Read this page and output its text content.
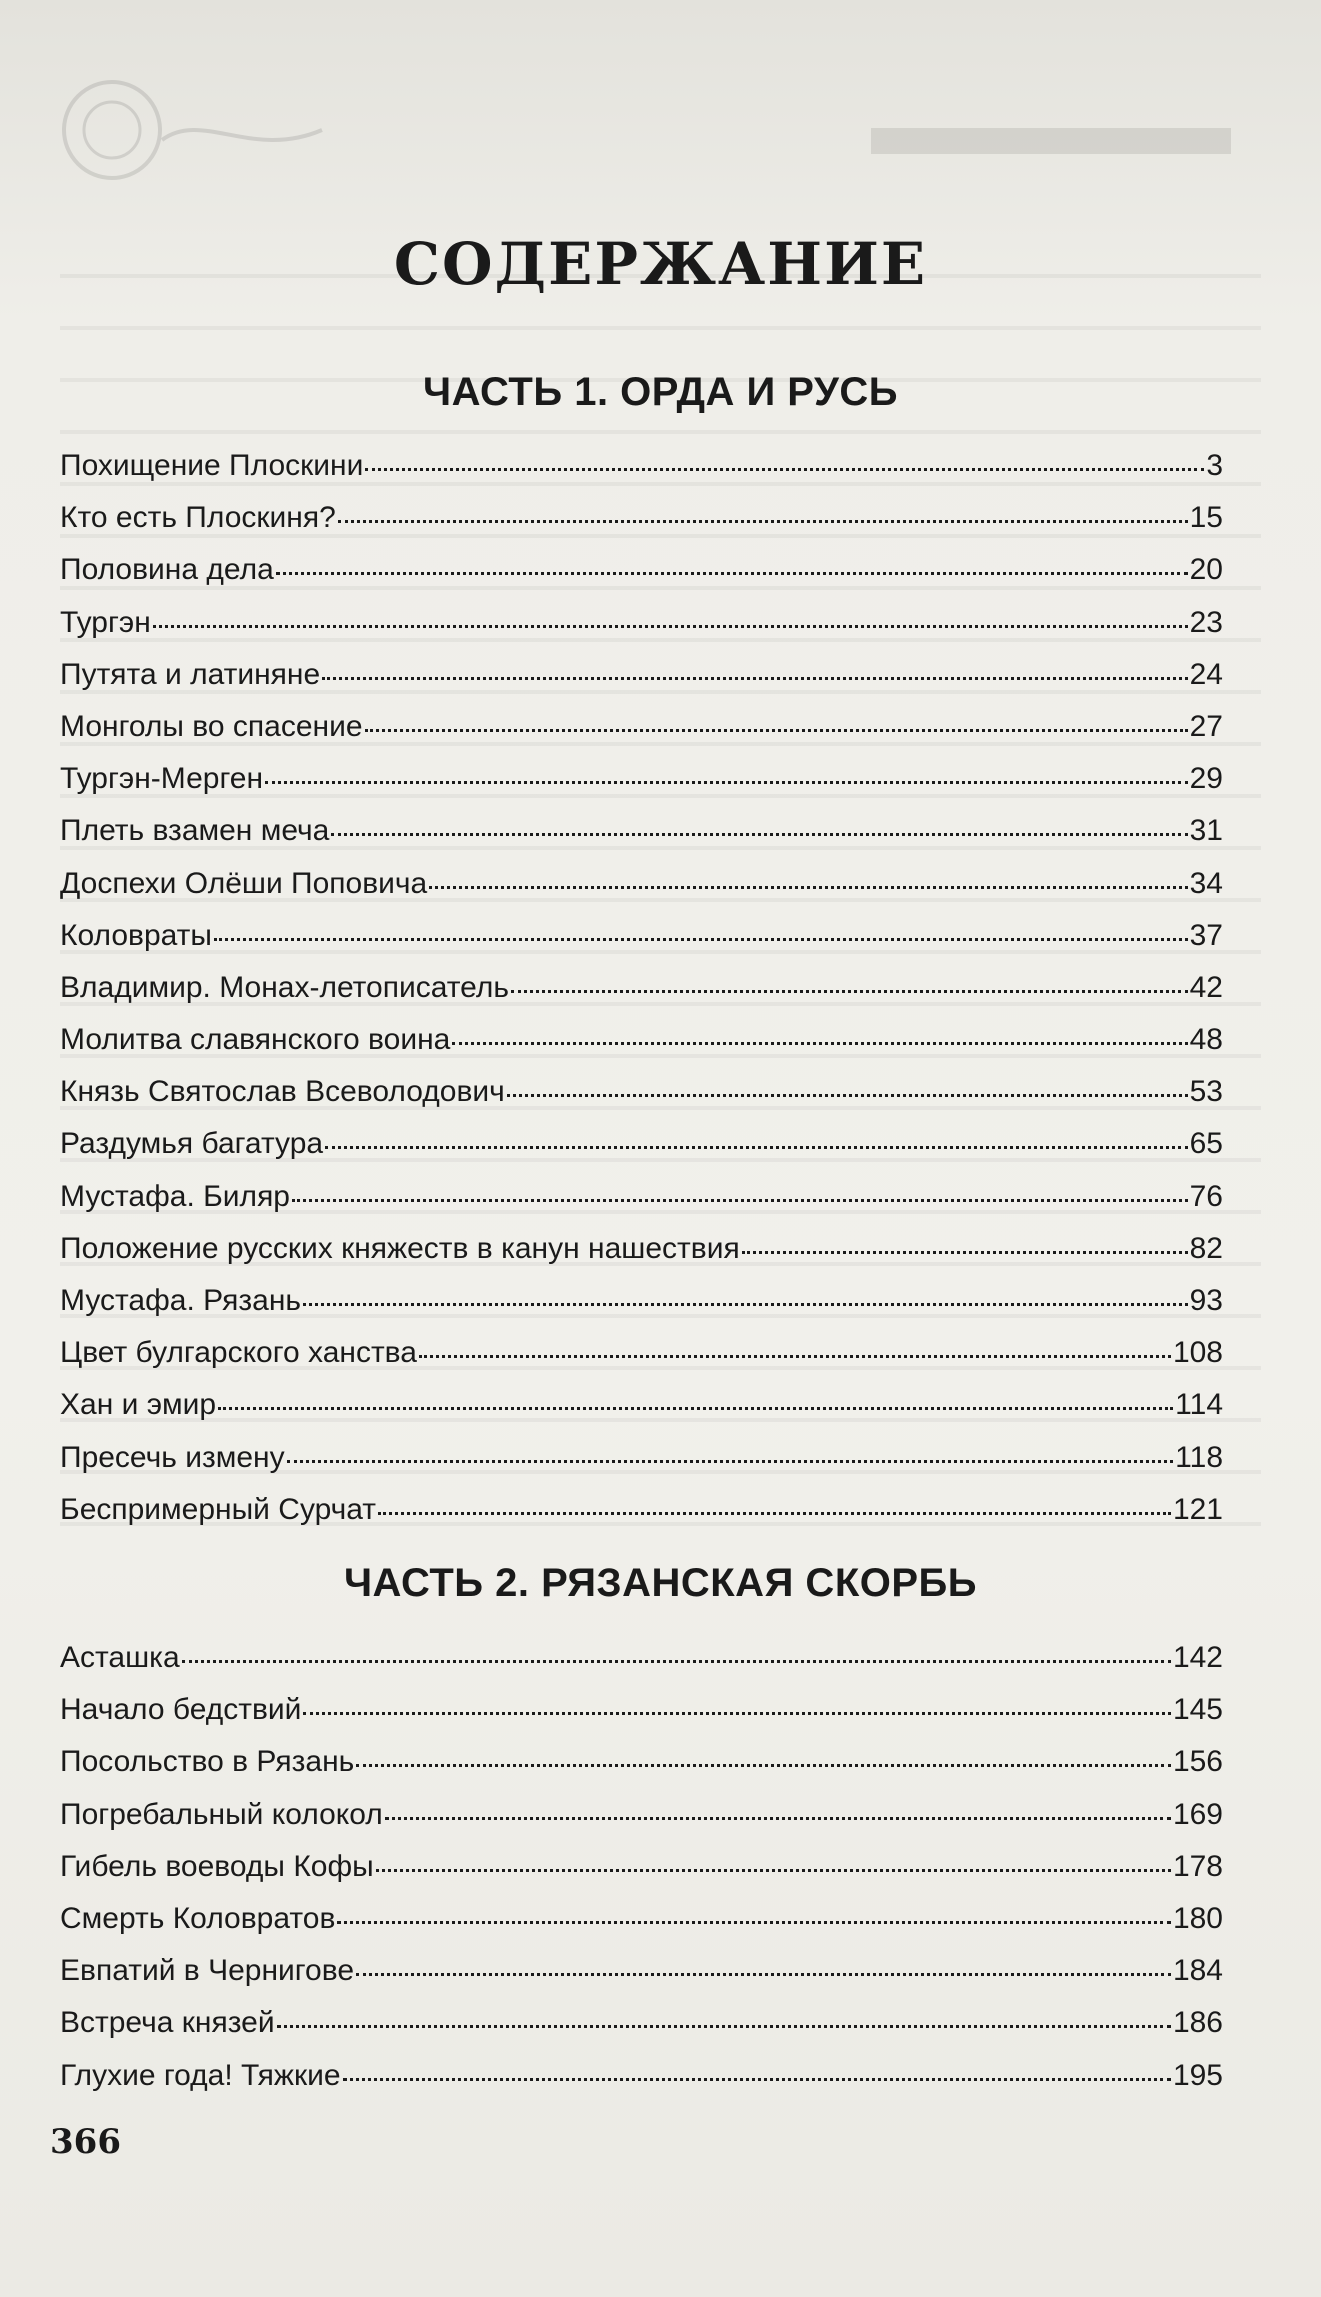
СОДЕРЖАНИЕ
ЧАСТЬ 1. ОРДА И РУСЬ
Похищение Плоскини	3
Кто есть Плоскиня?	15
Половина дела	20
Тургэн	23
Путята и латиняне	24
Монголы во спасение	27
Тургэн-Мерген	29
Плеть взамен меча	31
Доспехи Олёши Поповича	34
Коловраты	37
Владимир. Монах-летописатель	42
Молитва славянского воина	48
Князь Святослав Всеволодович	53
Раздумья багатура	65
Мустафа. Биляр	76
Положение русских княжеств в канун нашествия	82
Мустафа. Рязань	93
Цвет булгарского ханства	108
Хан и эмир	114
Пресечь измену	118
Беспримерный Сурчат	121
ЧАСТЬ 2. РЯЗАНСКАЯ СКОРБЬ
Асташка	142
Начало бедствий	145
Посольство в Рязань	156
Погребальный колокол	169
Гибель воеводы Кофы	178
Смерть Коловратов	180
Евпатий в Чернигове	184
Встреча князей	186
Глухие года! Тяжкие	195
366
